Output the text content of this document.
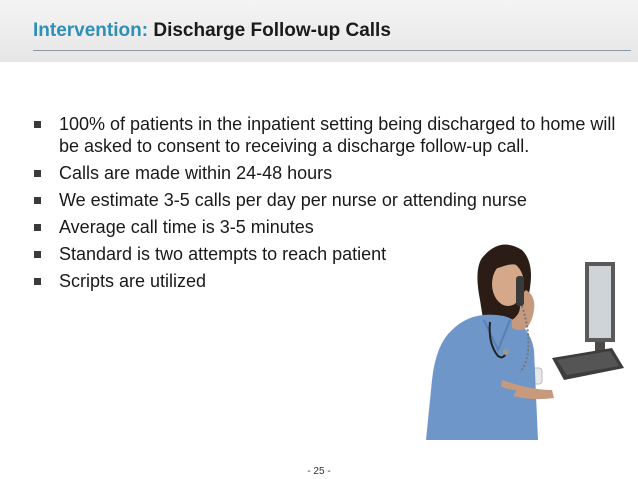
Intervention: Discharge Follow-up Calls
100% of patients in the inpatient setting being discharged to home will be asked to consent to receiving a discharge follow-up call.
Calls are made within 24-48 hours
We estimate 3-5 calls per day per nurse or attending nurse
Average call time is 3-5 minutes
Standard is two attempts to reach patient
Scripts are utilized
- 25 -
